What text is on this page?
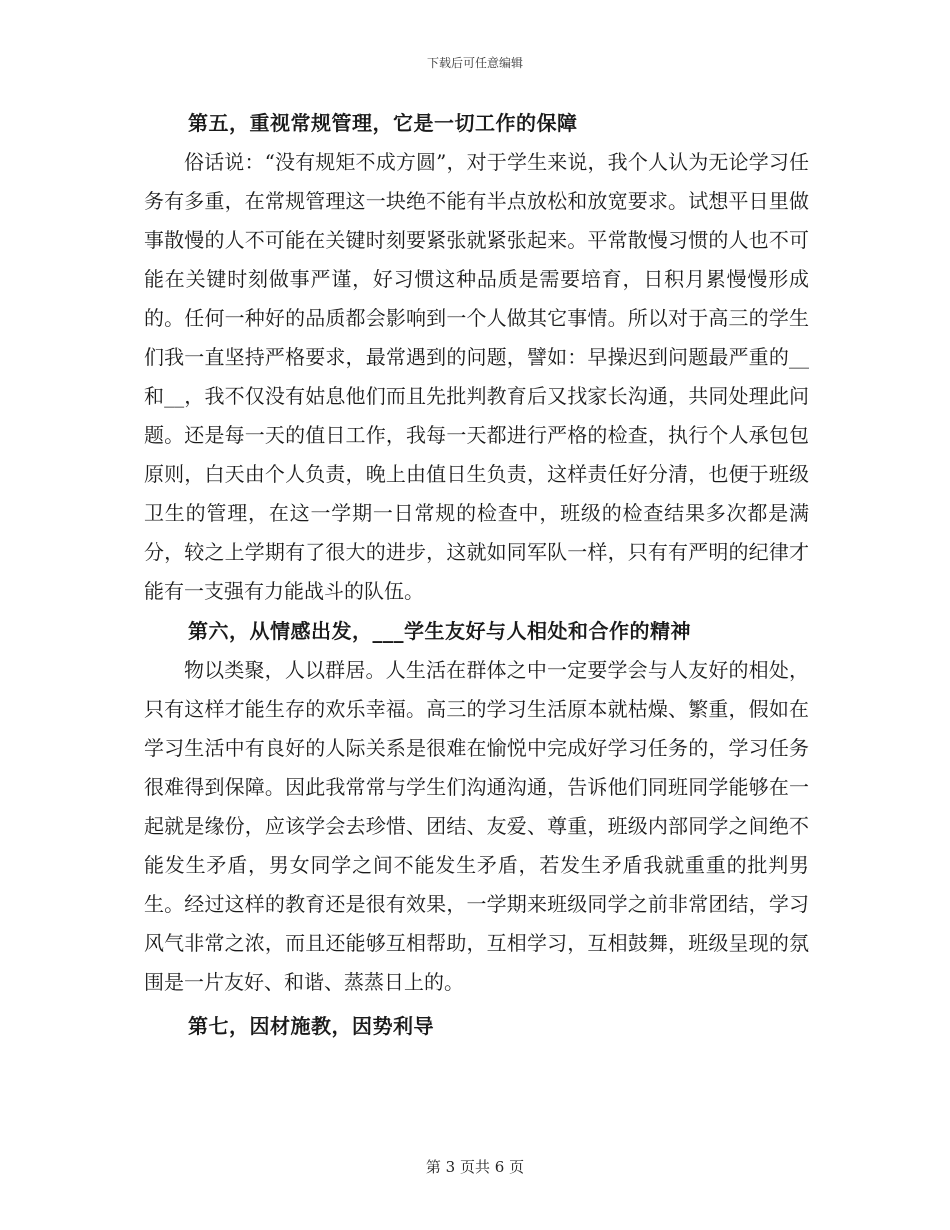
下载后可任意编辑
第五，重视常规管理，它是一切工作的保障

俗话说：“没有规矩不成方圆”，对于学生来说，我个人认为无论学习任务有多重，在常规管理这一块绝不能有半点放松和放宽要求。试想平日里做事散慢的人不可能在关键时刻要紧张就紧张起来。平常散慢习惯的人也不可能在关键时刻做事严谨，好习惯这种品质是需要培育，日积月累慢慢形成的。任何一种好的品质都会影响到一个人做其它事情。所以对于高三的学生们我一直坚持严格要求，最常遇到的问题，譬如：早操迟到问题最严重的__和__，我不仅没有姑息他们而且先批判教育后又找家长沟通，共同处理此问题。还是每一天的值日工作，我每一天都进行严格的检查，执行个人承包包原则，白天由个人负责，晚上由值日生负责，这样责任好分清，也便于班级卫生的管理，在这一学期一日常规的检查中，班级的检查结果多次都是满分，较之上学期有了很大的进步，这就如同军队一样，只有有严明的纪律才能有一支强有力能战斗的队伍。

第六，从情感出发，___学生友好与人相处和合作的精神

物以类聚，人以群居。人生活在群体之中一定要学会与人友好的相处，只有这样才能生存的欢乐幸福。高三的学习生活原本就枯燥、繁重，假如在学习生活中有良好的人际关系是很难在愉悦中完成好学习任务的，学习任务很难得到保障。因此我常常与学生们沟通沟通，告诉他们同班同学能够在一起就是缘份，应该学会去珍惜、团结、友爱、尊重，班级内部同学之间绝不能发生矛盾，男女同学之间不能发生矛盾，若发生矛盾我就重重的批判男生。经过这样的教育还是很有效果，一学期来班级同学之前非常团结，学习风气非常之浓，而且还能够互相帮助，互相学习，互相鼓舞，班级呈现的氛围是一片友好、和谐、蒸蒸日上的。

第七，因材施教，因势利导
第 3 页共 6 页
